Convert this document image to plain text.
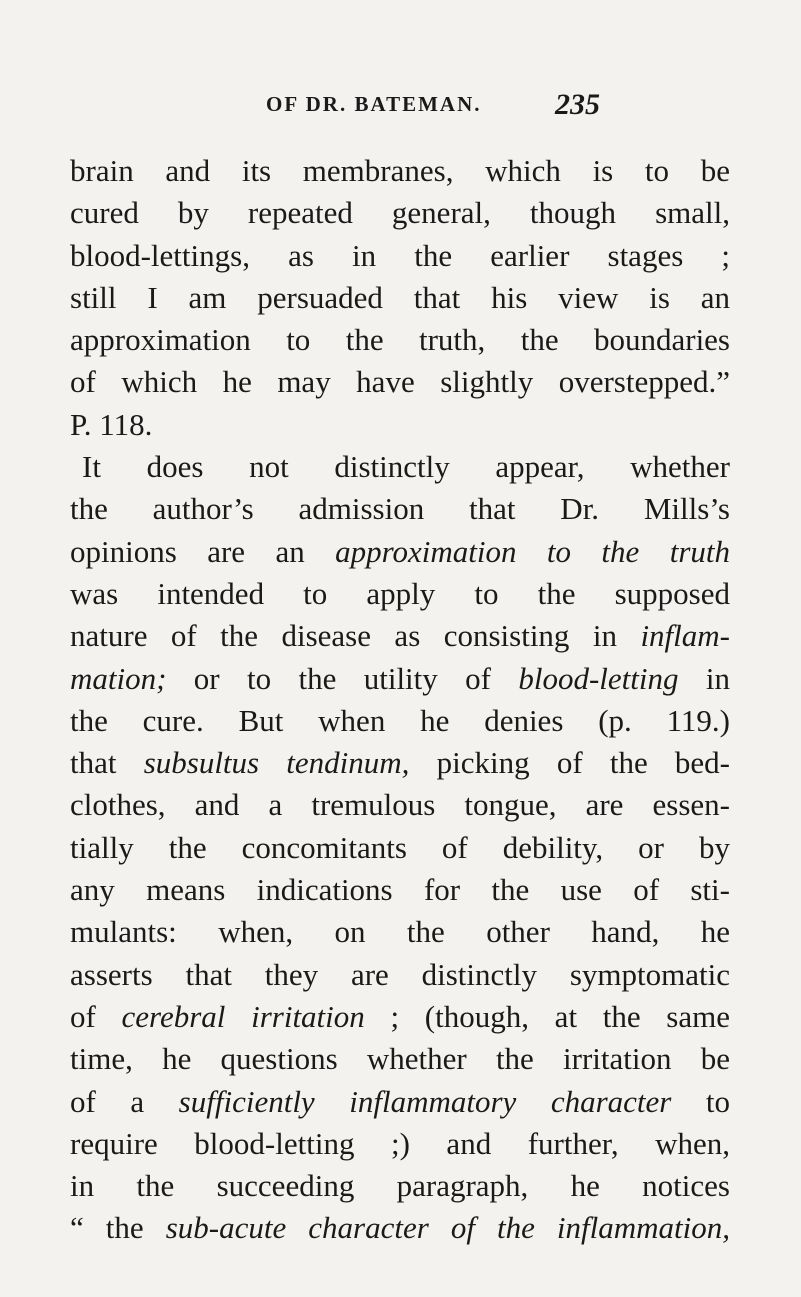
OF DR. BATEMAN. 235
brain and its membranes, which is to be
cured by repeated general, though small,
blood-lettings, as in the earlier stages ;
still I am persuaded that his view is an
approximation to the truth, the boundaries
of which he may have slightly overstepped.”
P. 118.
It does not distinctly appear, whether
the author’s admission that Dr. Mills’s
opinions are an approximation to the truth
was intended to apply to the supposed
nature of the disease as consisting in inflam-
mation; or to the utility of blood-letting in
the cure. But when he denies (p. 119.)
that subsultus tendinum, picking of the bed-
clothes, and a tremulous tongue, are essen-
tially the concomitants of debility, or by
any means indications for the use of sti-
mulants: when, on the other hand, he
asserts that they are distinctly symptomatic
of cerebral irritation ; (though, at the same
time, he questions whether the irritation be
of a sufficiently inflammatory character to
require blood-letting ;) and further, when,
in the succeeding paragraph, he notices
“ the sub-acute character of the inflammation,
